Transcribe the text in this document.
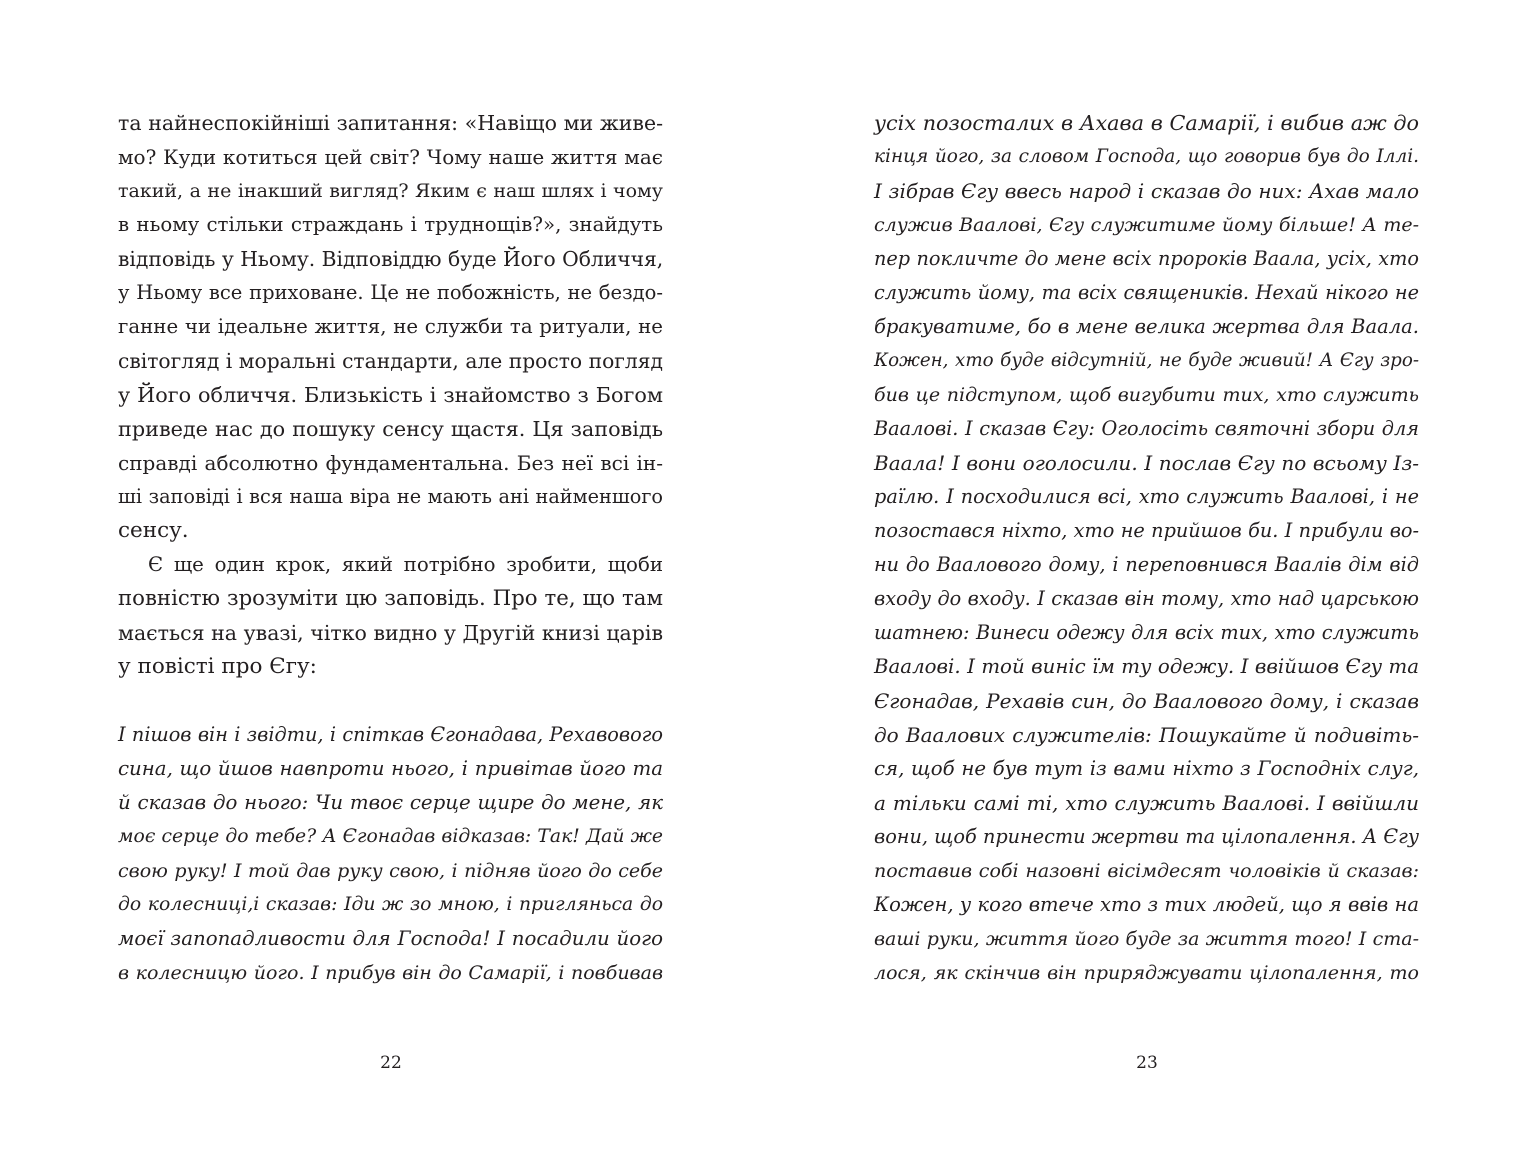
та найнеспокійніші запитання: «Навіщо ми живе-
мо? Куди котиться цей світ? Чому наше життя має
такий, а не інакший вигляд? Яким є наш шлях і чому
в ньому стільки страждань і труднощів?», знайдуть
відповідь у Ньому. Відповіддю буде Його Обличчя,
у Ньому все приховане. Це не побожність, не бездо-
ганне чи ідеальне життя, не служби та ритуали, не
світогляд і моральні стандарти, але просто погляд
у Його обличчя. Близькість і знайомство з Богом
приведе нас до пошуку сенсу щастя. Ця заповідь
справді абсолютно фундаментальна. Без неї всі ін-
ші заповіді і вся наша віра не мають ані найменшого
сенсу.
Є ще один крок, який потрібно зробити, щоби
повністю зрозуміти цю заповідь. Про те, що там
мається на увазі, чітко видно у Другій книзі царів
у повісті про Єгу:
І пішов він і звідти, і спіткав Єгонадава, Рехавового
сина, що йшов навпроти нього, і привітав його та
й сказав до нього: Чи твоє серце щире до мене, як
моє серце до тебе? А Єгонадав відказав: Так! Дай же
свою руку! І той дав руку свою, і підняв його до себе
до колесниці,і сказав: Іди ж зо мною, і пригляньса до
моєї запопадливости для Господа! І посадили його
в колесницю його. І прибув він до Самарії, і повбивав
усіх позосталих в Ахава в Самарії, і вибив аж до
кінця його, за словом Господа, що говорив був до Іллі.
І зібрав Єгу ввесь народ і сказав до них: Ахав мало
служив Ваалові, Єгу служитиме йому більше! А те-
пер покличте до мене всіх пророків Ваала, усіх, хто
служить йому, та всіх священиків. Нехай нікого не
бракуватиме, бо в мене велика жертва для Ваала.
Кожен, хто буде відсутній, не буде живий! А Єгу зро-
бив це підступом, щоб вигубити тих, хто служить
Ваалові. І сказав Єгу: Оголосіть святочні збори для
Ваала! І вони оголосили. І послав Єгу по всьому Із-
раїлю. І посходилися всі, хто служить Ваалові, і не
позостався ніхто, хто не прийшов би. І прибули во-
ни до Ваалового дому, і переповнився Ваалів дім від
входу до входу. І сказав він тому, хто над царською
шатнею: Винеси одежу для всіх тих, хто служить
Ваалові. І той виніс їм ту одежу. І ввійшов Єгу та
Єгонадав, Рехавів син, до Ваалового дому, і сказав
до Ваалових служителів: Пошукайте й подивіть-
ся, щоб не був тут із вами ніхто з Господніх слуг,
а тільки самі ті, хто служить Ваалові. І ввійшли
вони, щоб принести жертви та цілопалення. А Єгу
поставив собі назовні вісімдесят чоловіків й сказав:
Кожен, у кого втече хто з тих людей, що я ввів на
ваші руки, життя його буде за життя того! І ста-
лося, як скінчив він приряджувати цілопалення, то
22	23
